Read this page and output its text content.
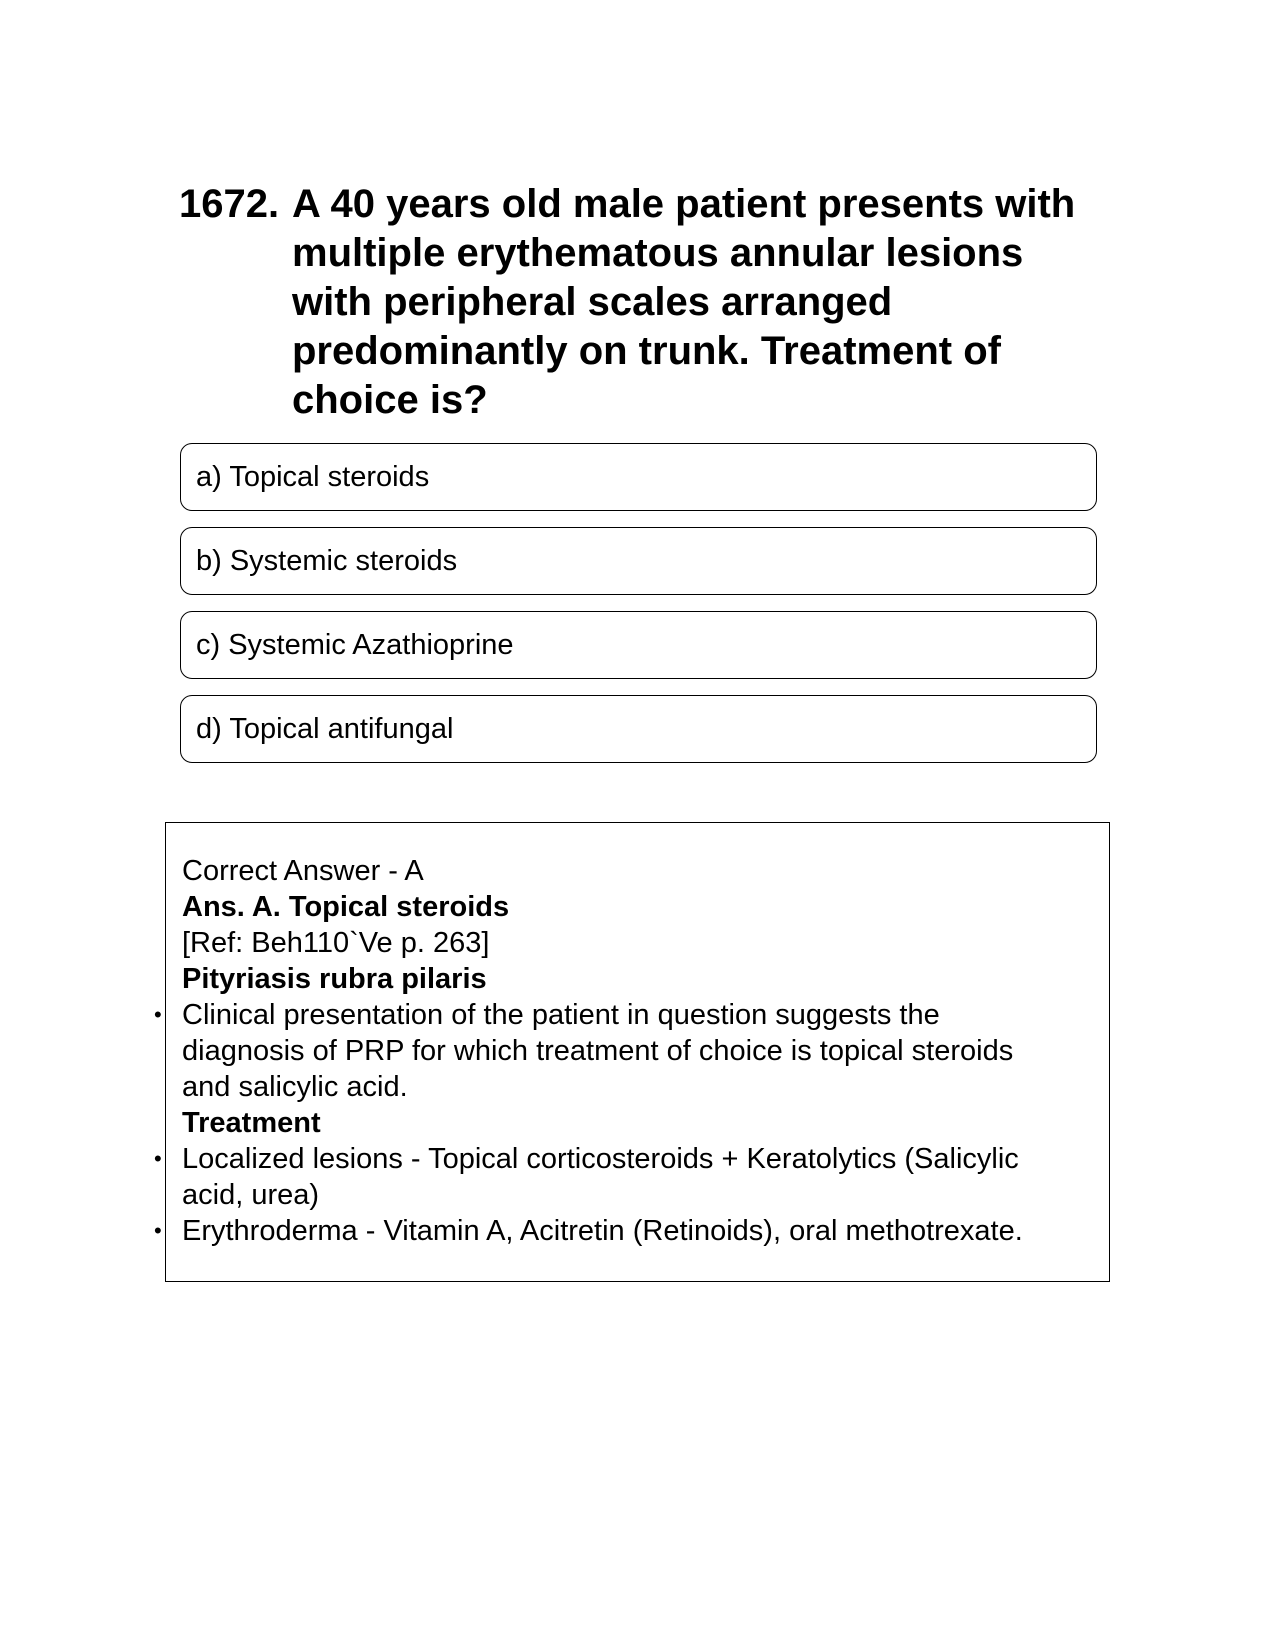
1672. A 40 years old male patient presents with multiple erythematous annular lesions with peripheral scales arranged predominantly on trunk. Treatment of choice is?
a) Topical steroids
b) Systemic steroids
c) Systemic Azathioprine
d) Topical antifungal
Correct Answer - A
Ans. A. Topical steroids
[Ref: Beh110`Ve p. 263]
Pityriasis rubra pilaris
• Clinical presentation of the patient in question suggests the
diagnosis of PRP for which treatment of choice is topical steroids
and salicylic acid.
Treatment
• Localized lesions - Topical corticosteroids + Keratolytics (Salicylic
acid, urea)
• Erythroderma - Vitamin A, Acitretin (Retinoids), oral methotrexate.
